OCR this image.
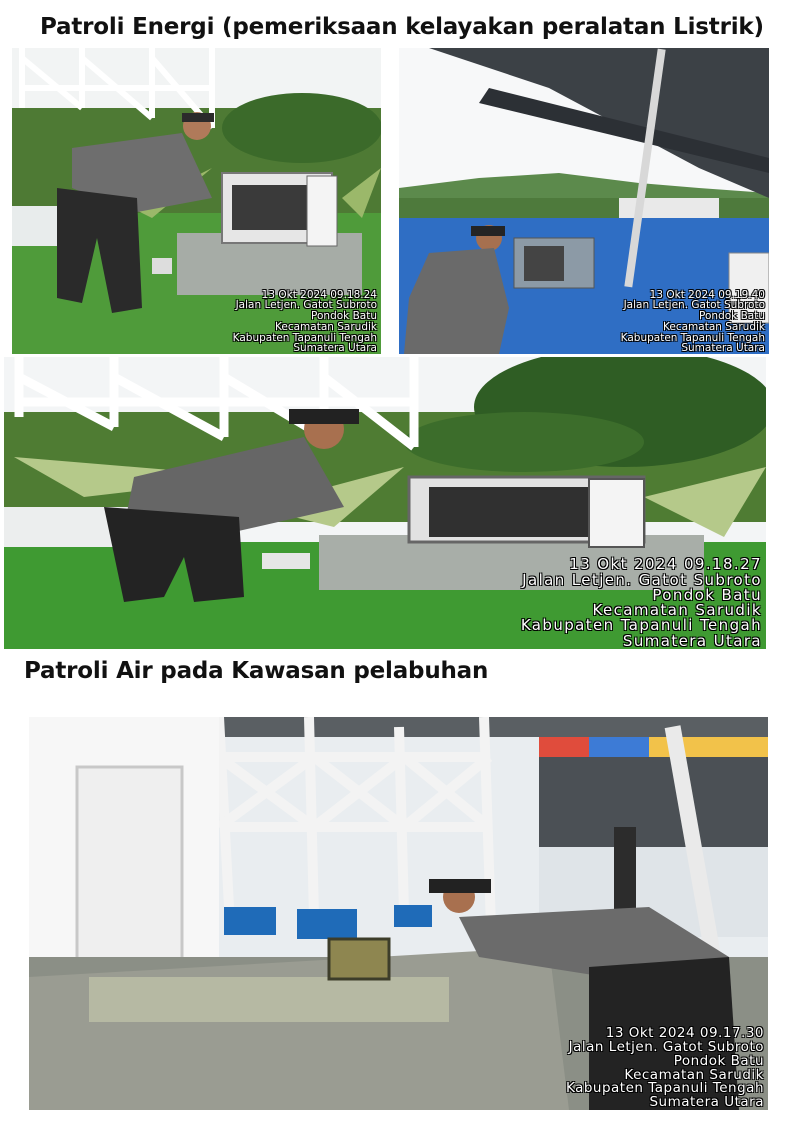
Patroli Energi (pemeriksaan kelayakan peralatan Listrik)
13 Okt 2024 09.18.24
Jalan Letjen. Gatot Subroto
Pondok Batu
Kecamatan Sarudik
Kabupaten Tapanuli Tengah
Sumatera Utara
13 Okt 2024 09.19.40
Jalan Letjen. Gatot Subroto
Pondok Batu
Kecamatan Sarudik
Kabupaten Tapanuli Tengah
Sumatera Utara
13 Okt 2024 09.18.27
Jalan Letjen. Gatot Subroto
Pondok Batu
Kecamatan Sarudik
Kabupaten Tapanuli Tengah
Sumatera Utara
Patroli Air pada Kawasan pelabuhan
13 Okt 2024 09.17.30
Jalan Letjen. Gatot Subroto
Pondok Batu
Kecamatan Sarudik
Kabupaten Tapanuli Tengah
Sumatera Utara
